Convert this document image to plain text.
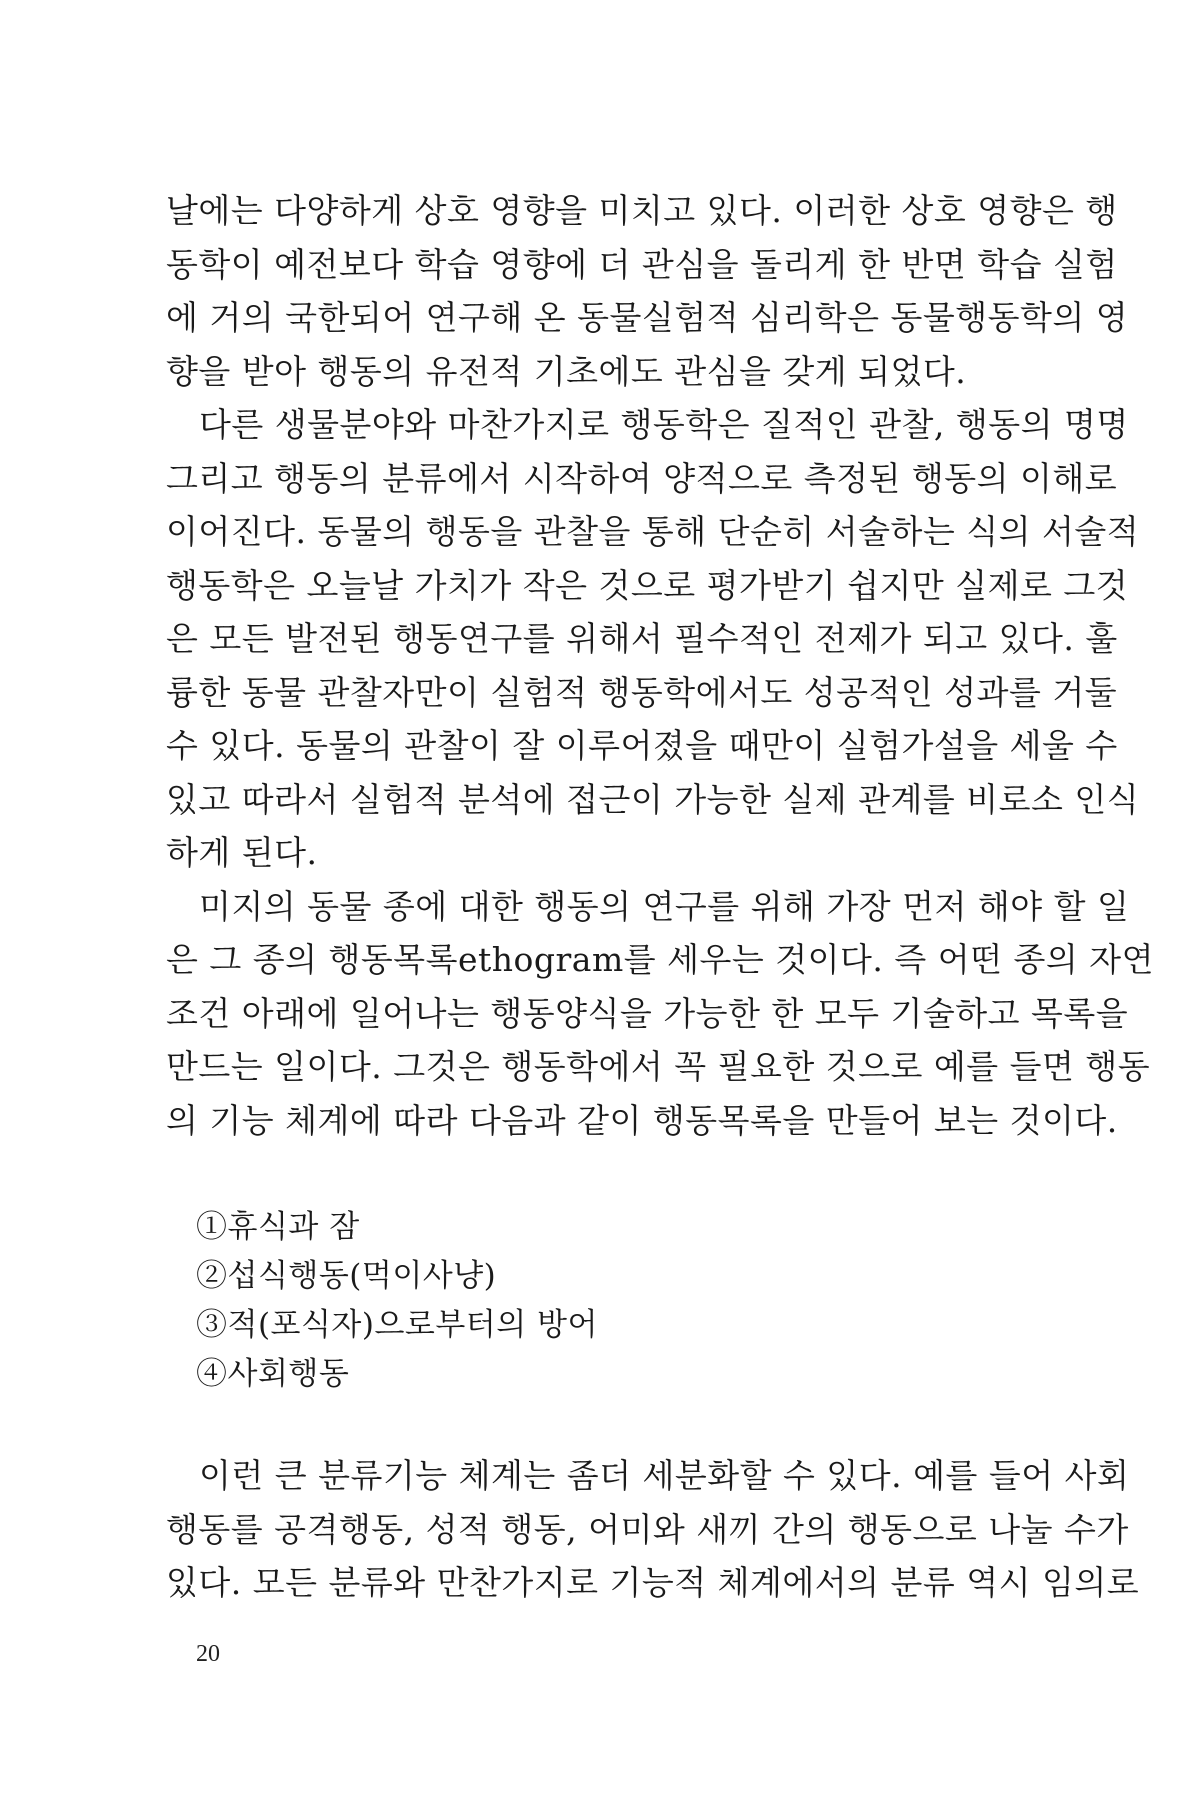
날에는 다양하게 상호 영향을 미치고 있다. 이러한 상호 영향은 행
동학이 예전보다 학습 영향에 더 관심을 돌리게 한 반면 학습 실험
에 거의 국한되어 연구해 온 동물실험적 심리학은 동물행동학의 영
향을 받아 행동의 유전적 기초에도 관심을 갖게 되었다.
다른 생물분야와 마찬가지로 행동학은 질적인 관찰, 행동의 명명
그리고 행동의 분류에서 시작하여 양적으로 측정된 행동의 이해로
이어진다. 동물의 행동을 관찰을 통해 단순히 서술하는 식의 서술적
행동학은 오늘날 가치가 작은 것으로 평가받기 쉽지만 실제로 그것
은 모든 발전된 행동연구를 위해서 필수적인 전제가 되고 있다. 훌
륭한 동물 관찰자만이 실험적 행동학에서도 성공적인 성과를 거둘
수 있다. 동물의 관찰이 잘 이루어졌을 때만이 실험가설을 세울 수
있고 따라서 실험적 분석에 접근이 가능한 실제 관계를 비로소 인식
하게 된다.
미지의 동물 종에 대한 행동의 연구를 위해 가장 먼저 해야 할 일
은 그 종의 행동목록ethogram를 세우는 것이다. 즉 어떤 종의 자연
조건 아래에 일어나는 행동양식을 가능한 한 모두 기술하고 목록을
만드는 일이다. 그것은 행동학에서 꼭 필요한 것으로 예를 들면 행동
의 기능 체계에 따라 다음과 같이 행동목록을 만들어 보는 것이다.
①휴식과 잠
②섭식행동(먹이사냥)
③적(포식자)으로부터의 방어
④사회행동
이런 큰 분류기능 체계는 좀더 세분화할 수 있다. 예를 들어 사회
행동를 공격행동, 성적 행동, 어미와 새끼 간의 행동으로 나눌 수가
있다. 모든 분류와 만찬가지로 기능적 체계에서의 분류 역시 임의로
20
